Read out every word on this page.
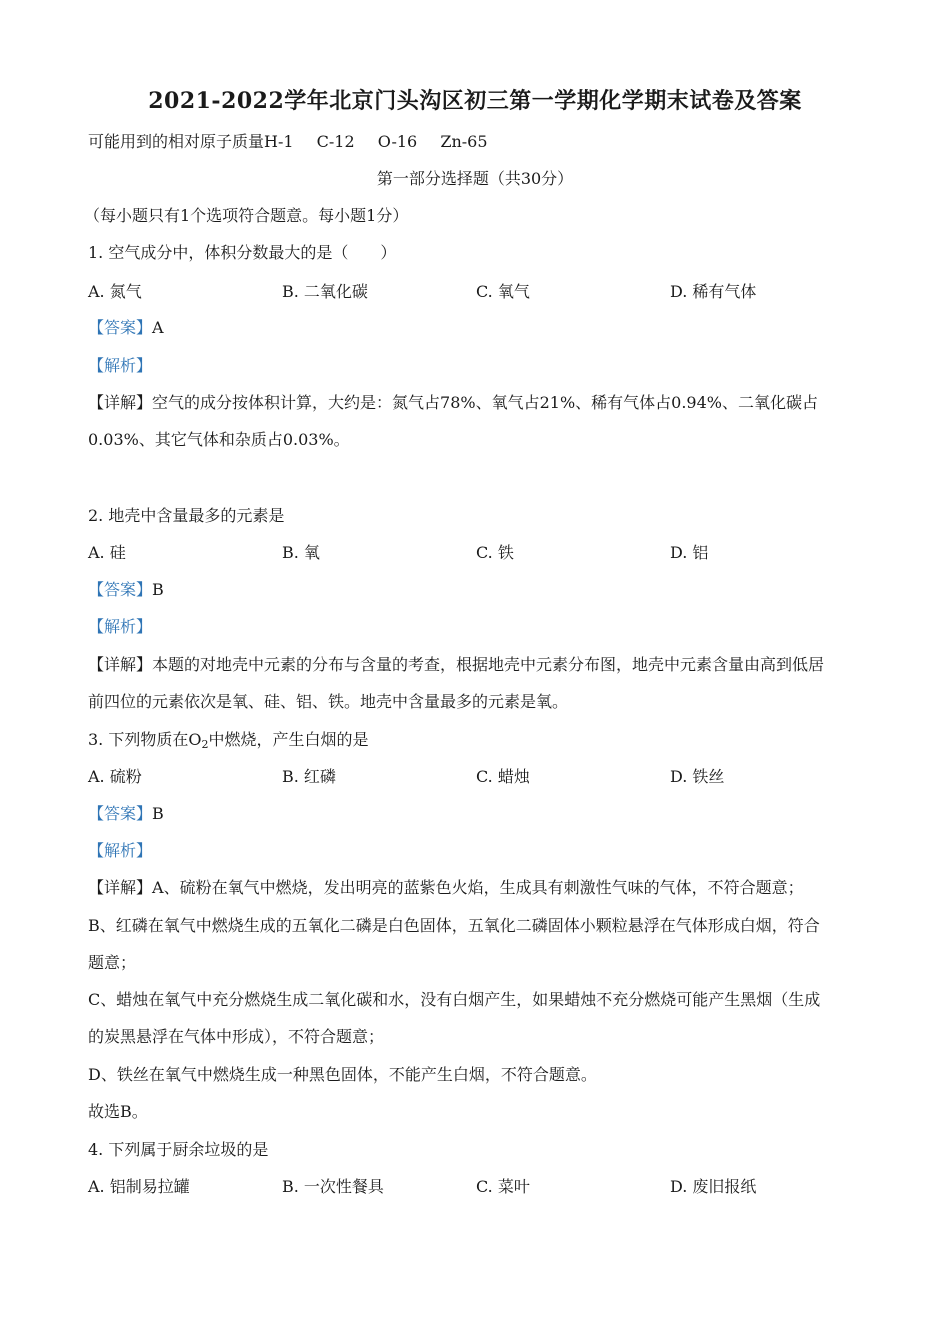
2021-2022学年北京门头沟区初三第一学期化学期末试卷及答案
可能用到的相对原子质量H-1 C-12 O-16 Zn-65
第一部分选择题（共30分）
（每小题只有1个选项符合题意。每小题1分）
1. 空气成分中，体积分数最大的是（　　）
A. 氮气	B. 二氧化碳	C. 氧气	D. 稀有气体
【答案】A
【解析】
【详解】空气的成分按体积计算，大约是：氮气占78%、氧气占21%、稀有气体占0.94%、二氧化碳占
0.03%、其它气体和杂质占0.03%。
2. 地壳中含量最多的元素是
A. 硅	B. 氧	C. 铁	D. 铝
【答案】B
【解析】
【详解】本题的对地壳中元素的分布与含量的考查，根据地壳中元素分布图，地壳中元素含量由高到低居
前四位的元素依次是氧、硅、铝、铁。地壳中含量最多的元素是氧。
3. 下列物质在$O_2$中燃烧，产生白烟的是
A. 硫粉	B. 红磷	C. 蜡烛	D. 铁丝
【答案】B
【解析】
【详解】A、硫粉在氧气中燃烧，发出明亮的蓝紫色火焰，生成具有刺激性气味的气体，不符合题意；
B、红磷在氧气中燃烧生成的五氧化二磷是白色固体，五氧化二磷固体小颗粒悬浮在气体形成白烟，符合
题意；
C、蜡烛在氧气中充分燃烧生成二氧化碳和水，没有白烟产生，如果蜡烛不充分燃烧可能产生黑烟（生成
的炭黑悬浮在气体中形成），不符合题意；
D、铁丝在氧气中燃烧生成一种黑色固体，不能产生白烟，不符合题意。
故选B。
4. 下列属于厨余垃圾的是
A. 铝制易拉罐	B. 一次性餐具	C. 菜叶	D. 废旧报纸
